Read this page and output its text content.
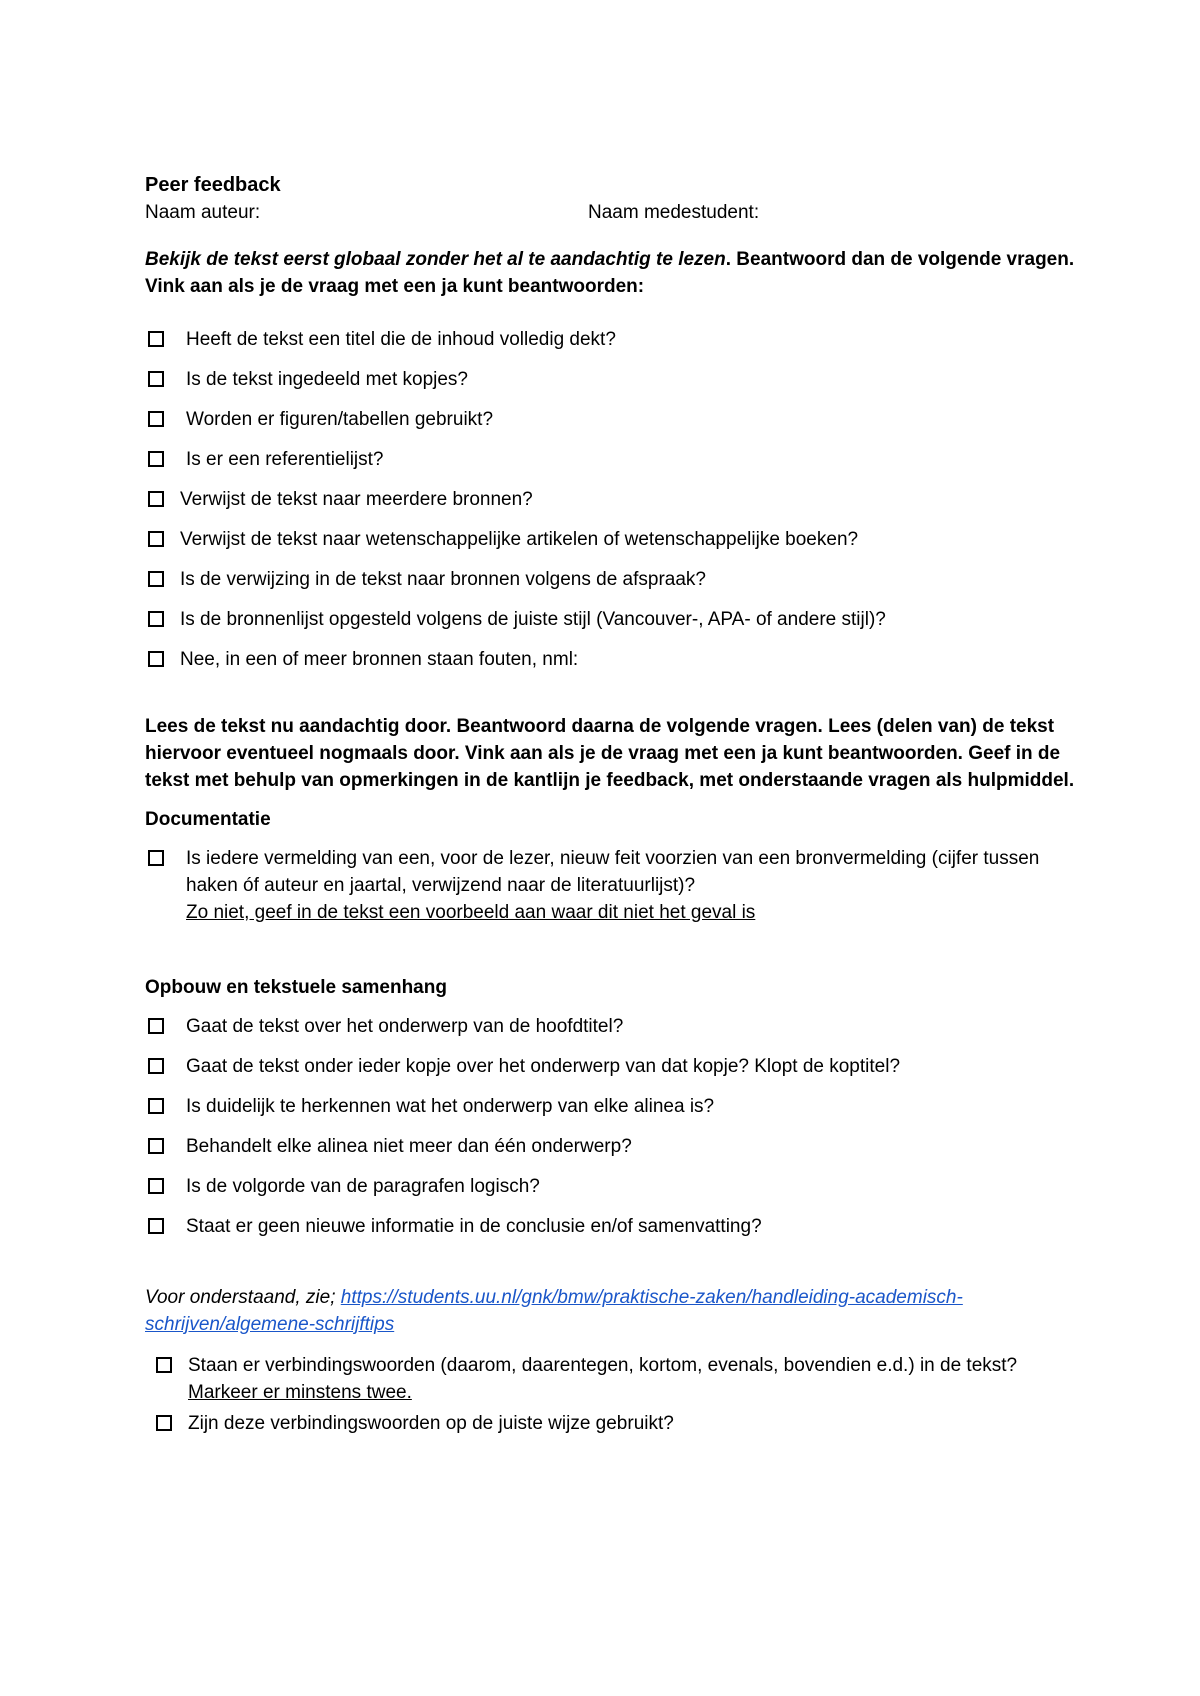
Peer feedback

Naam auteur:	Naam medestudent:

Bekijk de tekst eerst globaal zonder het al te aandachtig te lezen. Beantwoord dan de volgende vragen. Vink aan als je de vraag met een ja kunt beantwoorden:

Heeft de tekst een titel die de inhoud volledig dekt?
Is de tekst ingedeeld met kopjes?
Worden er figuren/tabellen gebruikt?
Is er een referentielijst?
Verwijst de tekst naar meerdere bronnen?
Verwijst de tekst naar wetenschappelijke artikelen of wetenschappelijke boeken?
Is de verwijzing in de tekst naar bronnen volgens de afspraak?
Is de bronnenlijst opgesteld volgens de juiste stijl (Vancouver-, APA- of andere stijl)?
Nee, in een of meer bronnen staan fouten, nml:

Lees de tekst nu aandachtig door. Beantwoord daarna de volgende vragen. Lees (delen van) de tekst hiervoor eventueel nogmaals door. Vink aan als je de vraag met een ja kunt beantwoorden. Geef in de tekst met behulp van opmerkingen in de kantlijn je feedback, met onderstaande vragen als hulpmiddel.

Documentatie
Is iedere vermelding van een, voor de lezer, nieuw feit voorzien van een bronvermelding (cijfer tussen haken óf auteur en jaartal, verwijzend naar de literatuurlijst)?
Zo niet, geef in de tekst een voorbeeld aan waar dit niet het geval is
Opbouw en tekstuele samenhang
Gaat de tekst over het onderwerp van de hoofdtitel?
Gaat de tekst onder ieder kopje over het onderwerp van dat kopje? Klopt de koptitel?
Is duidelijk te herkennen wat het onderwerp van elke alinea is?
Behandelt elke alinea niet meer dan één onderwerp?
Is de volgorde van de paragrafen logisch?
Staat er geen nieuwe informatie in de conclusie en/of samenvatting?

Voor onderstaand, zie; https://students.uu.nl/gnk/bmw/praktische-zaken/handleiding-academisch-schrijven/algemene-schrijftips

Staan er verbindingswoorden (daarom, daarentegen, kortom, evenals, bovendien e.d.) in de tekst? Markeer er minstens twee.
Zijn deze verbindingswoorden op de juiste wijze gebruikt?
